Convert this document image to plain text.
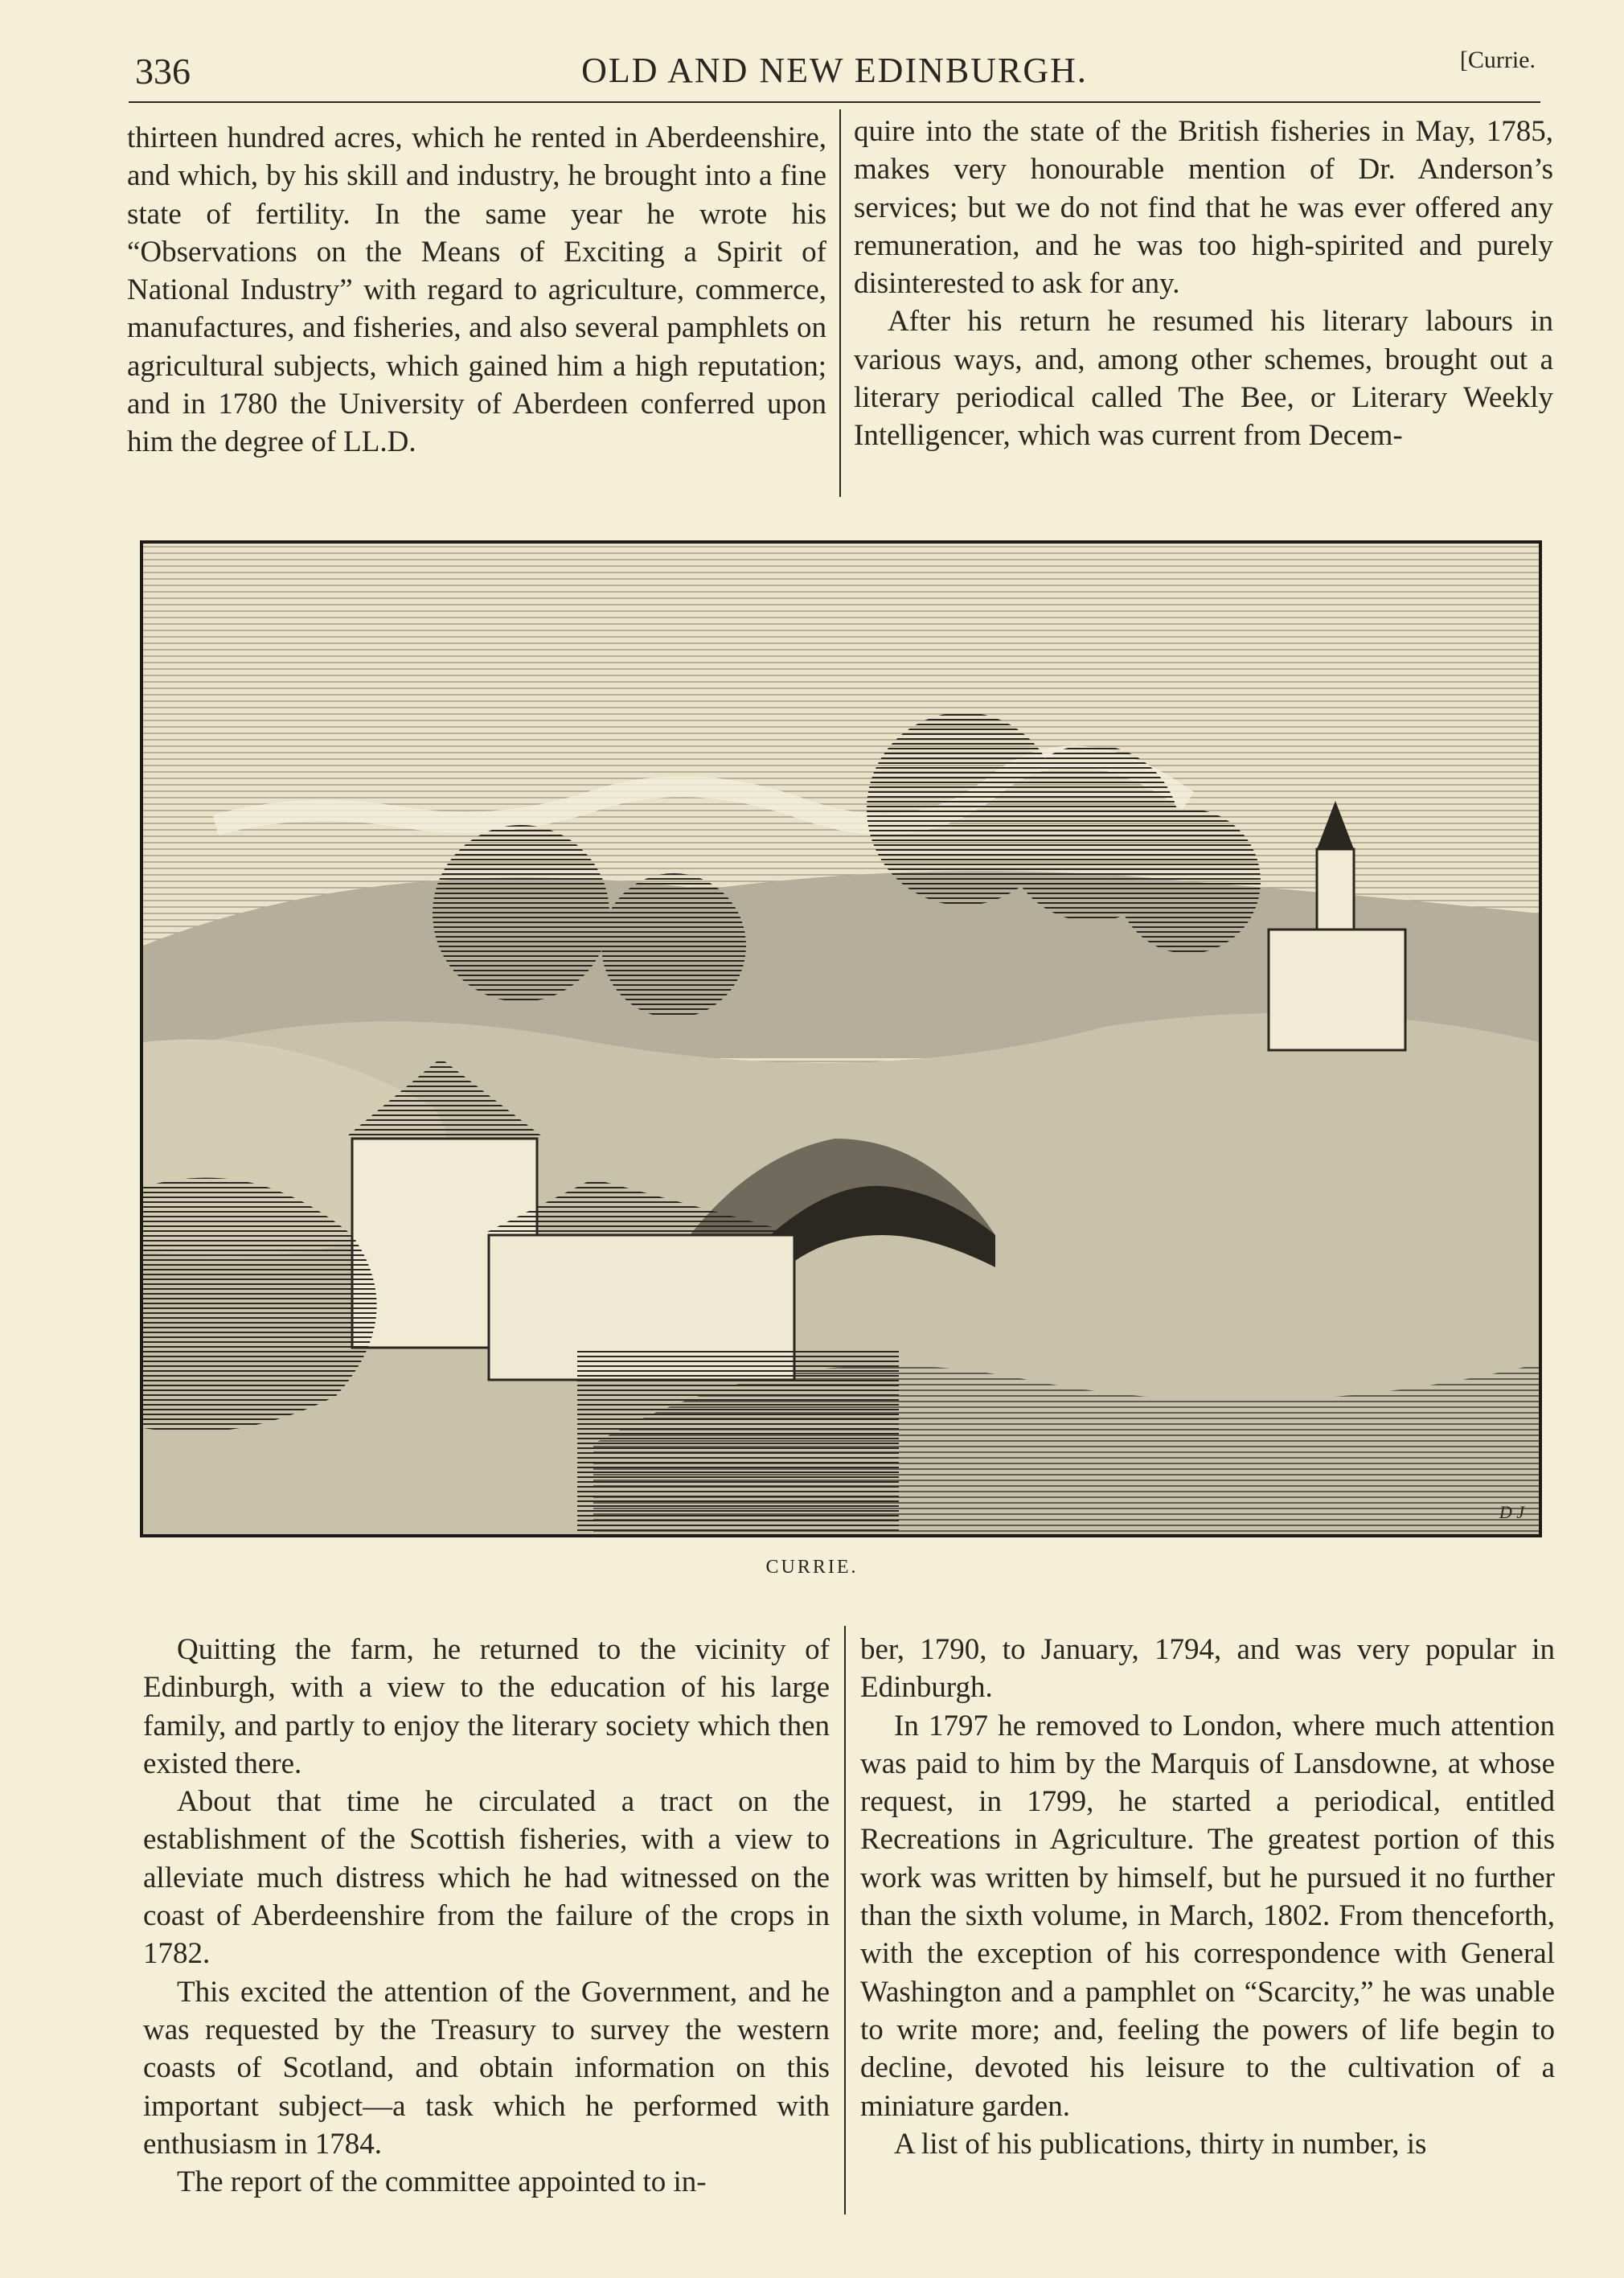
336	OLD AND NEW EDINBURGH.	[Currie.

thirteen hundred acres, which he rented in Aberdeenshire, and which, by his skill and industry, he brought into a fine state of fertility. In the same year he wrote his “Observations on the Means of Exciting a Spirit of National Industry” with regard to agriculture, commerce, manufactures, and fisheries, and also several pamphlets on agricultural subjects, which gained him a high reputation; and in 1780 the University of Aberdeen conferred upon him the degree of LL.D.

quire into the state of the British fisheries in May, 1785, makes very honourable mention of Dr. Anderson’s services; but we do not find that he was ever offered any remuneration, and he was too high-spirited and purely disinterested to ask for any.

After his return he resumed his literary labours in various ways, and, among other schemes, brought out a literary periodical called The Bee, or Literary Weekly Intelligencer, which was current from Decem-

D J
CURRIE.

Quitting the farm, he returned to the vicinity of Edinburgh, with a view to the education of his large family, and partly to enjoy the literary society which then existed there.

About that time he circulated a tract on the establishment of the Scottish fisheries, with a view to alleviate much distress which he had witnessed on the coast of Aberdeenshire from the failure of the crops in 1782.

This excited the attention of the Government, and he was requested by the Treasury to survey the western coasts of Scotland, and obtain information on this important subject—a task which he performed with enthusiasm in 1784.

The report of the committee appointed to in-

ber, 1790, to January, 1794, and was very popular in Edinburgh.

In 1797 he removed to London, where much attention was paid to him by the Marquis of Lansdowne, at whose request, in 1799, he started a periodical, entitled Recreations in Agriculture. The greatest portion of this work was written by himself, but he pursued it no further than the sixth volume, in March, 1802. From thenceforth, with the exception of his correspondence with General Washington and a pamphlet on “Scarcity,” he was unable to write more; and, feeling the powers of life begin to decline, devoted his leisure to the cultivation of a miniature garden.

A list of his publications, thirty in number, is
